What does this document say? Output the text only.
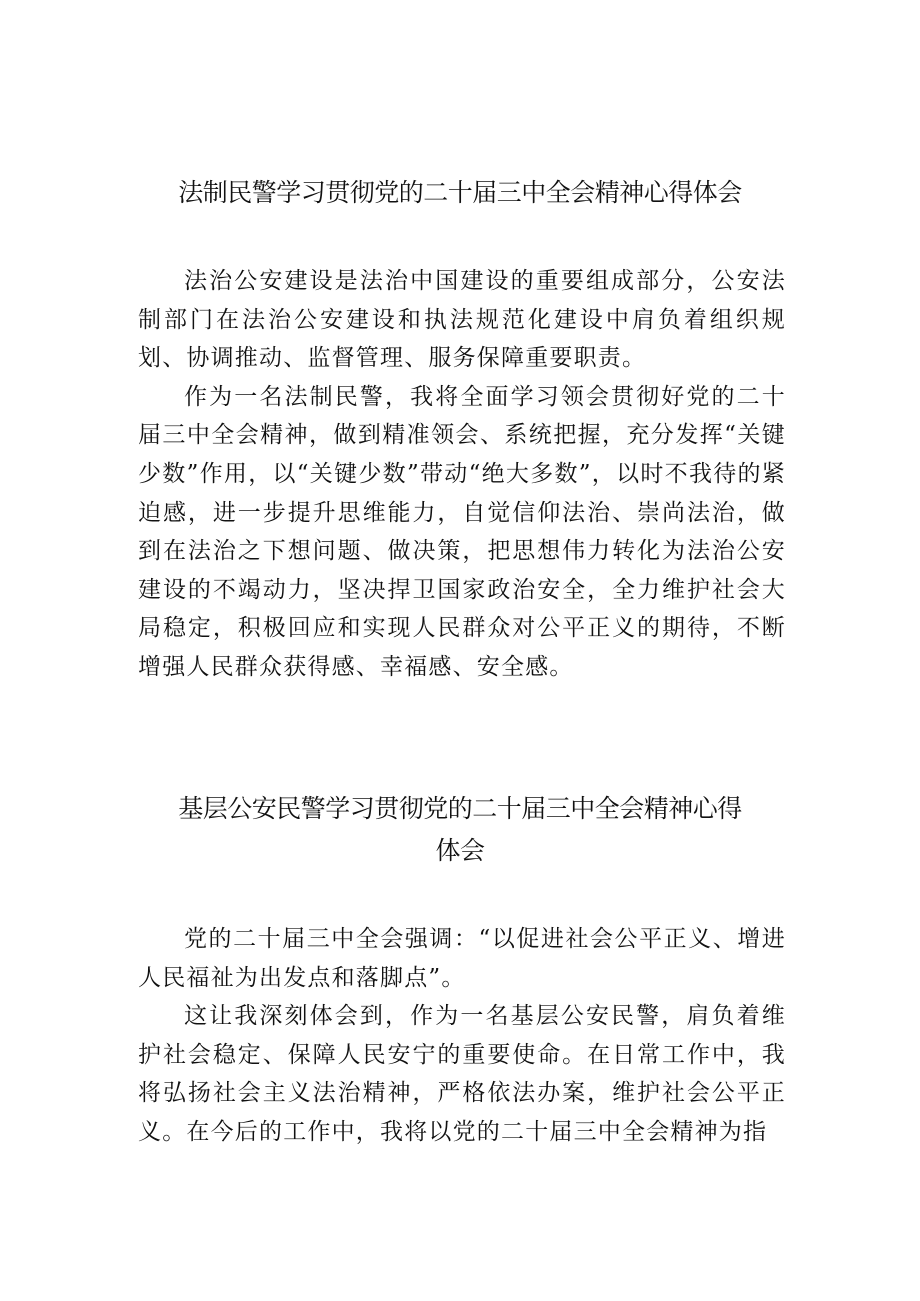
法制民警学习贯彻党的二十届三中全会精神心得体会

法治公安建设是法治中国建设的重要组成部分，公安法制部门在法治公安建设和执法规范化建设中肩负着组织规划、协调推动、监督管理、服务保障重要职责。

作为一名法制民警，我将全面学习领会贯彻好党的二十届三中全会精神，做到精准领会、系统把握，充分发挥“关键少数”作用，以“关键少数”带动“绝大多数”，以时不我待的紧迫感，进一步提升思维能力，自觉信仰法治、崇尚法治，做到在法治之下想问题、做决策，把思想伟力转化为法治公安建设的不竭动力，坚决捍卫国家政治安全，全力维护社会大局稳定，积极回应和实现人民群众对公平正义的期待，不断增强人民群众获得感、幸福感、安全感。

基层公安民警学习贯彻党的二十届三中全会精神心得
体会

党的二十届三中全会强调：“以促进社会公平正义、增进人民福祉为出发点和落脚点”。

这让我深刻体会到，作为一名基层公安民警，肩负着维护社会稳定、保障人民安宁的重要使命。在日常工作中，我将弘扬社会主义法治精神，严格依法办案，维护社会公平正义。在今后的工作中，我将以党的二十届三中全会精神为指
